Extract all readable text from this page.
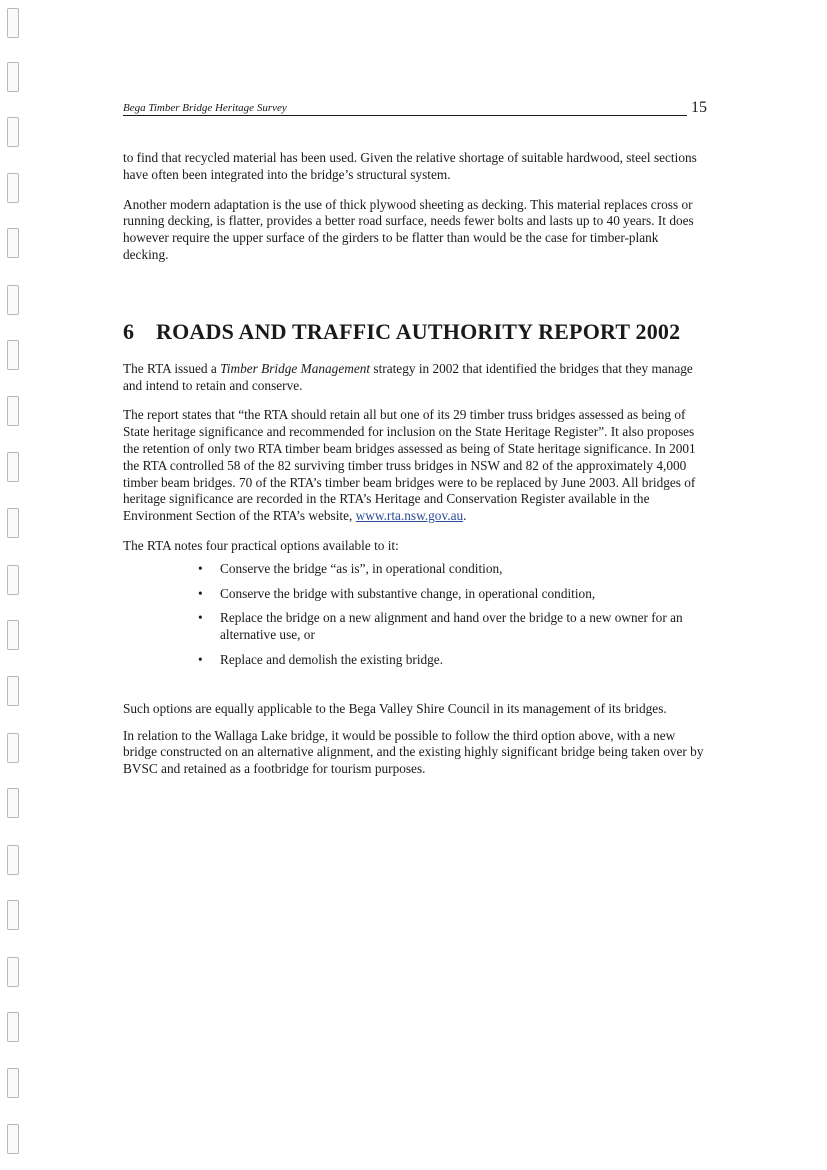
Bega Timber Bridge Heritage Survey	15

to find that recycled material has been used. Given the relative shortage of suitable hardwood, steel sections have often been integrated into the bridge’s structural system.

Another modern adaptation is the use of thick plywood sheeting as decking. This material replaces cross or running decking, is flatter, provides a better road surface, needs fewer bolts and lasts up to 40 years. It does however require the upper surface of the girders to be flatter than would be the case for timber-plank decking.

6 ROADS AND TRAFFIC AUTHORITY REPORT 2002

The RTA issued a Timber Bridge Management strategy in 2002 that identified the bridges that they manage and intend to retain and conserve.

The report states that “the RTA should retain all but one of its 29 timber truss bridges assessed as being of State heritage significance and recommended for inclusion on the State Heritage Register”. It also proposes the retention of only two RTA timber beam bridges assessed as being of State heritage significance. In 2001 the RTA controlled 58 of the 82 surviving timber truss bridges in NSW and 82 of the approximately 4,000 timber beam bridges. 70 of the RTA’s timber beam bridges were to be replaced by June 2003. All bridges of heritage significance are recorded in the RTA’s Heritage and Conservation Register available in the Environment Section of the RTA’s website, www.rta.nsw.gov.au.

The RTA notes four practical options available to it:

•	Conserve the bridge “as is”, in operational condition,
•	Conserve the bridge with substantive change, in operational condition,
•	Replace the bridge on a new alignment and hand over the bridge to a new owner for an alternative use, or
•	Replace and demolish the existing bridge.

Such options are equally applicable to the Bega Valley Shire Council in its management of its bridges.

In relation to the Wallaga Lake bridge, it would be possible to follow the third option above, with a new bridge constructed on an alternative alignment, and the existing highly significant bridge being taken over by BVSC and retained as a footbridge for tourism purposes.
